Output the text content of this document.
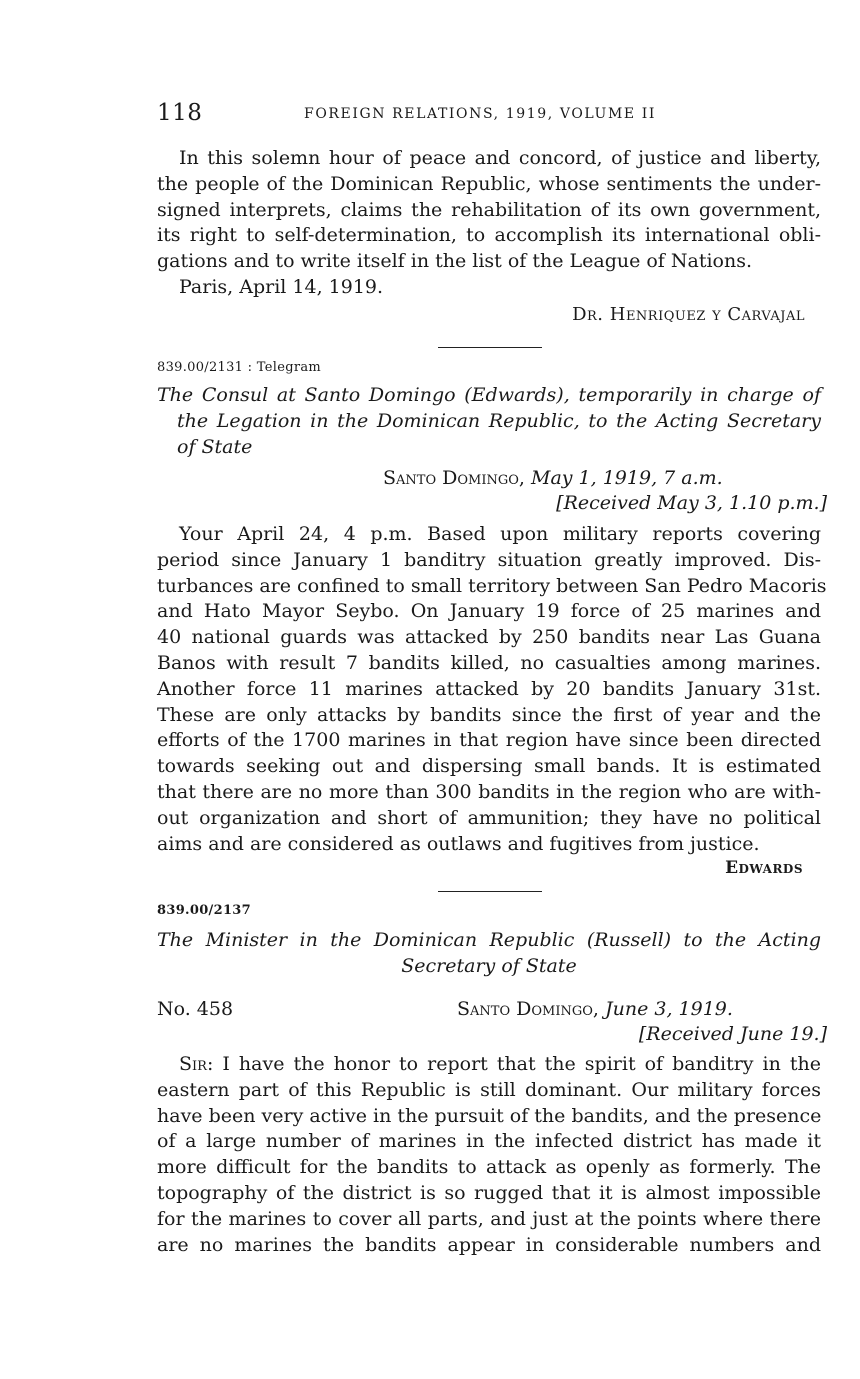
118	FOREIGN RELATIONS, 1919, VOLUME II
In this solemn hour of peace and concord, of justice and liberty,
the people of the Dominican Republic, whose sentiments the under-
signed interprets, claims the rehabilitation of its own government,
its right to self-determination, to accomplish its international obli-
gations and to write itself in the list of the League of Nations.
Paris, April 14, 1919.
Dr. Henriquez y Carvajal
839.00/2131 : Telegram
The Consul at Santo Domingo (Edwards), temporarily in charge of
the Legation in the Dominican Republic, to the Acting Secretary
of State
Santo Domingo, May 1, 1919, 7 a.m.
[Received May 3, 1.10 p.m.]
Your April 24, 4 p.m. Based upon military reports covering
period since January 1 banditry situation greatly improved. Dis-
turbances are confined to small territory between San Pedro Macoris
and Hato Mayor Seybo. On January 19 force of 25 marines and
40 national guards was attacked by 250 bandits near Las Guana
Banos with result 7 bandits killed, no casualties among marines.
Another force 11 marines attacked by 20 bandits January 31st.
These are only attacks by bandits since the first of year and the
efforts of the 1700 marines in that region have since been directed
towards seeking out and dispersing small bands. It is estimated
that there are no more than 300 bandits in the region who are with-
out organization and short of ammunition; they have no political
aims and are considered as outlaws and fugitives from justice.
Edwards
839.00/2137
The Minister in the Dominican Republic (Russell) to the Acting
Secretary of State
No. 458	Santo Domingo, June 3, 1919.
[Received June 19.]
Sir: I have the honor to report that the spirit of banditry in the
eastern part of this Republic is still dominant. Our military forces
have been very active in the pursuit of the bandits, and the presence
of a large number of marines in the infected district has made it
more difficult for the bandits to attack as openly as formerly. The
topography of the district is so rugged that it is almost impossible
for the marines to cover all parts, and just at the points where there
are no marines the bandits appear in considerable numbers and
